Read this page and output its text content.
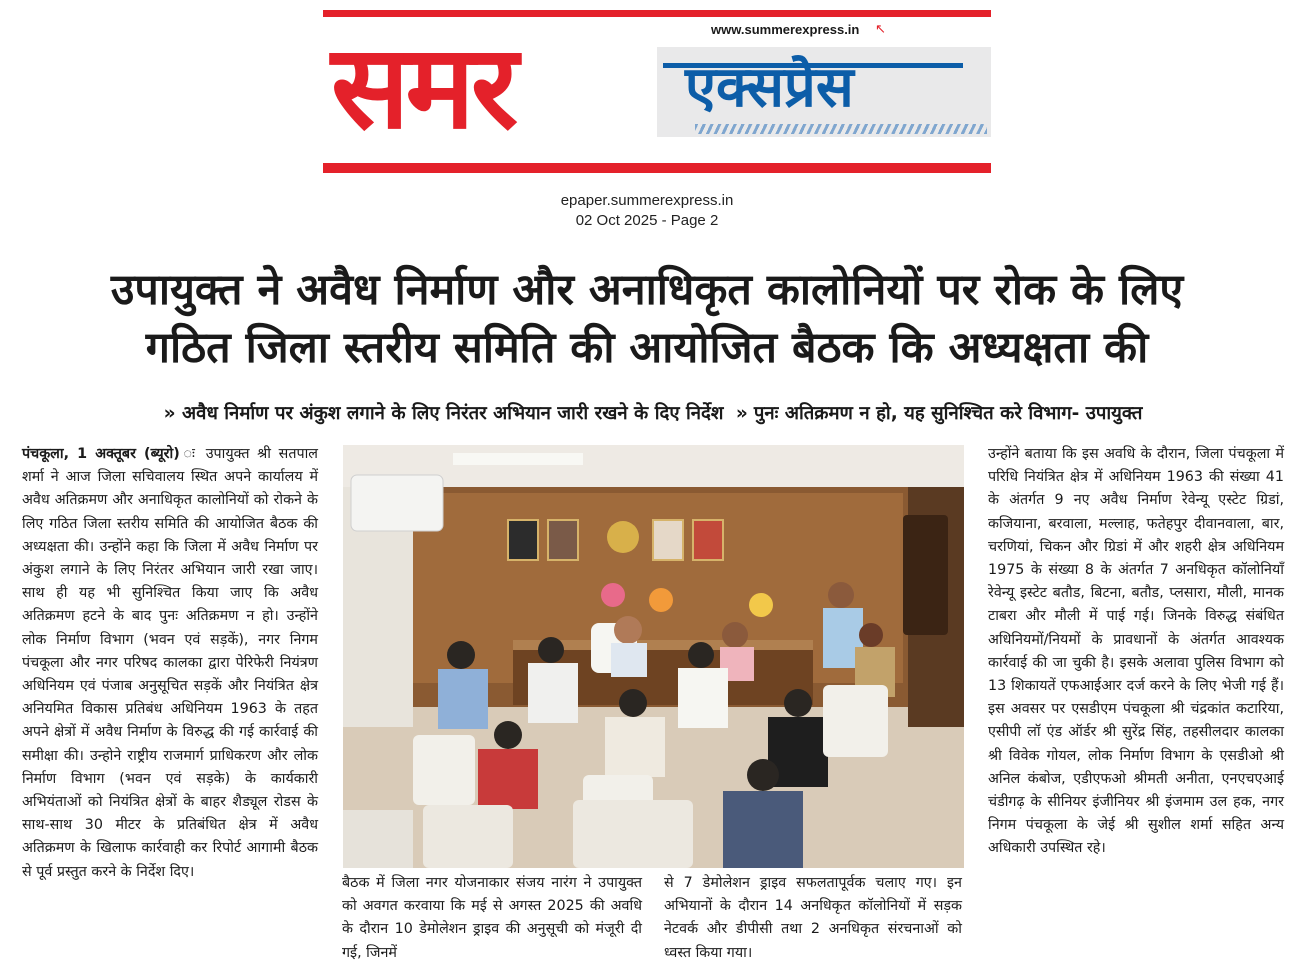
समर	www.summerexpress.in ↖
एक्सप्रेस
epaper.summerexpress.in
02 Oct 2025 - Page 2
उपायुक्त ने अवैध निर्माण और अनाधिकृत कालोनियों पर रोक के लिए
गठित जिला स्तरीय समिति की आयोजित बैठक कि अध्यक्षता की
» अवैध निर्माण पर अंकुश लगाने के लिए निरंतर अभियान जारी रखने के दिए निर्देश » पुनः अतिक्रमण न हो, यह सुनिश्चित करे विभाग- उपायुक्त
पंचकूला, 1 अक्तूबर (ब्यूरो) ः उपायुक्त श्री सतपाल शर्मा ने आज जिला सचिवालय स्थित अपने कार्यालय में अवैध अतिक्रमण और अनाधिकृत कालोनियों को रोकने के लिए गठित जिला स्तरीय समिति की आयोजित बैठक की अध्यक्षता की। उन्होंने कहा कि जिला में अवैध निर्माण पर अंकुश लगाने के लिए निरंतर अभियान जारी रखा जाए। साथ ही यह भी सुनिश्चित किया जाए कि अवैध अतिक्रमण हटने के बाद पुनः अतिक्रमण न हो। उन्होंने लोक निर्माण विभाग (भवन एवं सड़कें), नगर निगम पंचकूला और नगर परिषद कालका द्वारा पेरिफेरी नियंत्रण अधिनियम एवं पंजाब अनुसूचित सड़कें और नियंत्रित क्षेत्र अनियमित विकास प्रतिबंध अधिनियम 1963 के तहत अपने क्षेत्रों में अवैध निर्माण के विरुद्ध की गई कार्रवाई की समीक्षा की। उन्होने राष्ट्रीय राजमार्ग प्राधिकरण और लोक निर्माण विभाग (भवन एवं सड़के) के कार्यकारी अभियंताओं को नियंत्रित क्षेत्रों के बाहर शैड्यूल रोडस के साथ-साथ 30 मीटर के प्रतिबंधित क्षेत्र में अवैध अतिक्रमण के खिलाफ कार्रवाही कर रिपोर्ट आगामी बैठक से पूर्व प्रस्तुत करने के निर्देश दिए।
बैठक में जिला नगर योजनाकार संजय नारंग ने उपायुक्त को अवगत करवाया कि मई से अगस्त 2025 की अवधि के दौरान 10 डेमोलेशन ड्राइव की अनुसूची को मंजूरी दी गई, जिनमें
से 7 डेमोलेशन ड्राइव सफलतापूर्वक चलाए गए। इन अभियानों के दौरान 14 अनधिकृत कॉलोनियों में सड़क नेटवर्क और डीपीसी तथा 2 अनधिकृत संरचनाओं को ध्वस्त किया गया।
उन्होंने बताया कि इस अवधि के दौरान, जिला पंचकूला में परिधि नियंत्रित क्षेत्र में अधिनियम 1963 की संख्या 41 के अंतर्गत 9 नए अवैध निर्माण रेवेन्यू एस्टेट ग्रिडां, कजियाना, बरवाला, मल्लाह, फतेहपुर दीवानवाला, बार, चरणियां, चिकन और ग्रिडां में और शहरी क्षेत्र अधिनियम 1975 के संख्या 8 के अंतर्गत 7 अनधिकृत कॉलोनियाँ रेवेन्यू इस्टेट बतौड, बिटना, बतौड, प्लसारा, मौली, मानक टाबरा और मौली में पाई गई। जिनके विरुद्ध संबंधित अधिनियमों/नियमों के प्रावधानों के अंतर्गत आवश्यक कार्रवाई की जा चुकी है। इसके अलावा पुलिस विभाग को 13 शिकायतें एफआईआर दर्ज करने के लिए भेजी गई हैं। इस अवसर पर एसडीएम पंचकूला श्री चंद्रकांत कटारिया, एसीपी लॉ एंड ऑर्डर श्री सुरेंद्र सिंह, तहसीलदार कालका श्री विवेक गोयल, लोक निर्माण विभाग के एसडीओ श्री अनिल कंबोज, एडीएफओ श्रीमती अनीता, एनएचएआई चंडीगढ़ के सीनियर इंजीनियर श्री इंजमाम उल हक, नगर निगम पंचकूला के जेई श्री सुशील शर्मा सहित अन्य अधिकारी उपस्थित रहे।
